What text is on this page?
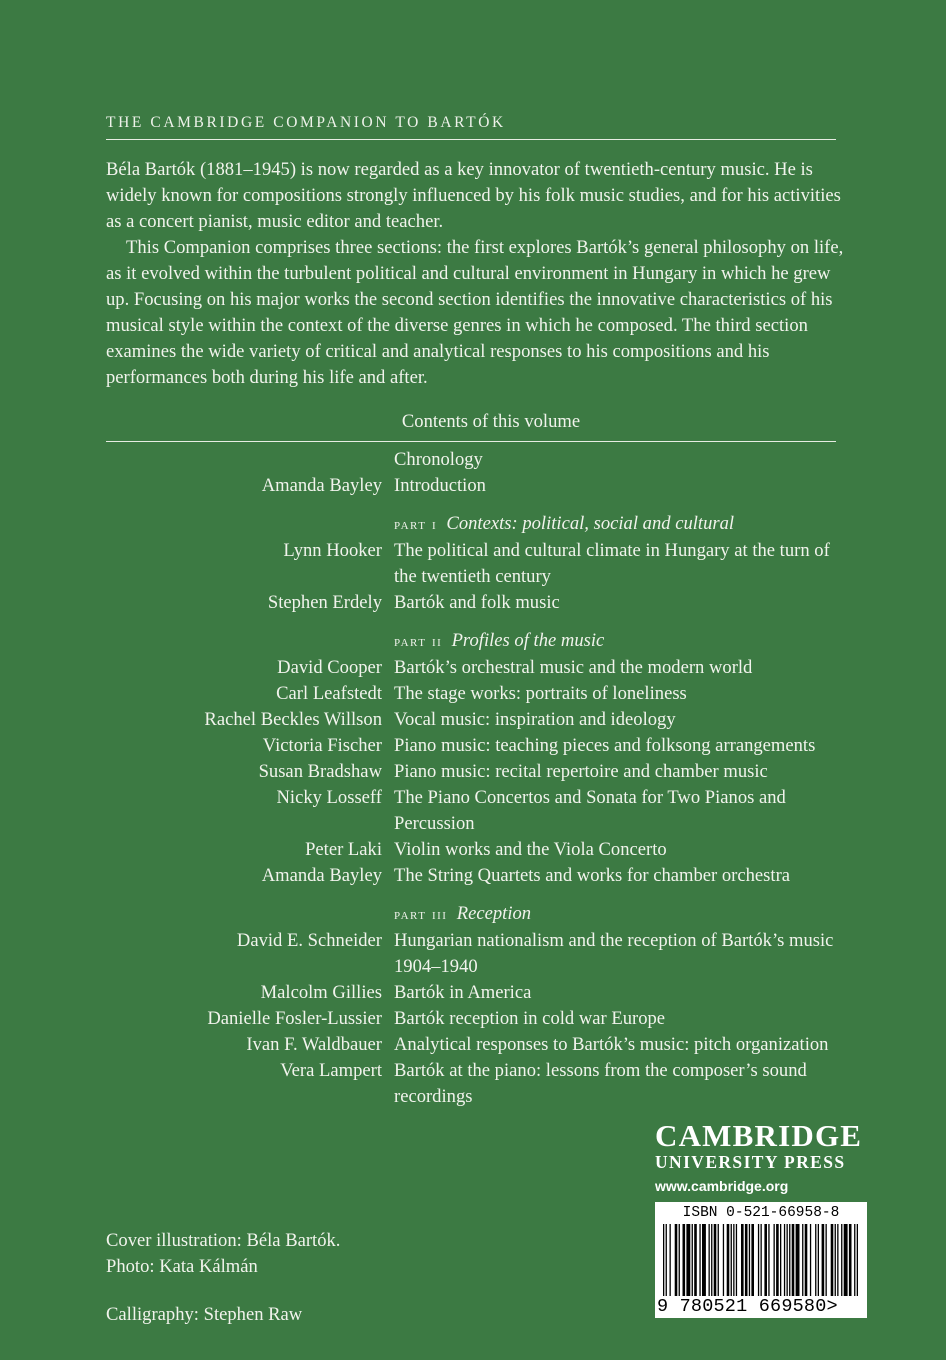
THE CAMBRIDGE COMPANION TO BARTÓK

Béla Bartók (1881–1945) is now regarded as a key innovator of twentieth-century music. He is widely known for compositions strongly influenced by his folk music studies, and for his activities as a concert pianist, music editor and teacher.

This Companion comprises three sections: the first explores Bartók’s general philosophy on life, as it evolved within the turbulent political and cultural environment in Hungary in which he grew up. Focusing on his major works the second section identifies the innovative characteristics of his musical style within the context of the diverse genres in which he composed. The third section examines the wide variety of critical and analytical responses to his compositions and his performances both during his life and after.

Contents of this volume
Chronology
Amanda Bayley Introduction
part i Contexts: political, social and cultural
Lynn Hooker The political and cultural climate in Hungary at the turn of the twentieth century
Stephen Erdely Bartók and folk music
part ii Profiles of the music
David Cooper Bartók’s orchestral music and the modern world
Carl Leafstedt The stage works: portraits of loneliness
Rachel Beckles Willson Vocal music: inspiration and ideology
Victoria Fischer Piano music: teaching pieces and folksong arrangements
Susan Bradshaw Piano music: recital repertoire and chamber music
Nicky Losseff The Piano Concertos and Sonata for Two Pianos and Percussion
Peter Laki Violin works and the Viola Concerto
Amanda Bayley The String Quartets and works for chamber orchestra
part iii Reception
David E. Schneider Hungarian nationalism and the reception of Bartók’s music 1904–1940
Malcolm Gillies Bartók in America
Danielle Fosler-Lussier Bartók reception in cold war Europe
Ivan F. Waldbauer Analytical responses to Bartók’s music: pitch organization
Vera Lampert Bartók at the piano: lessons from the composer’s sound recordings
CAMBRIDGE
UNIVERSITY PRESS
www.cambridge.org
ISBN 0-521-66958-8
9 780521 669580>
Cover illustration: Béla Bartók.
Photo: Kata Kálmán
Calligraphy: Stephen Raw
